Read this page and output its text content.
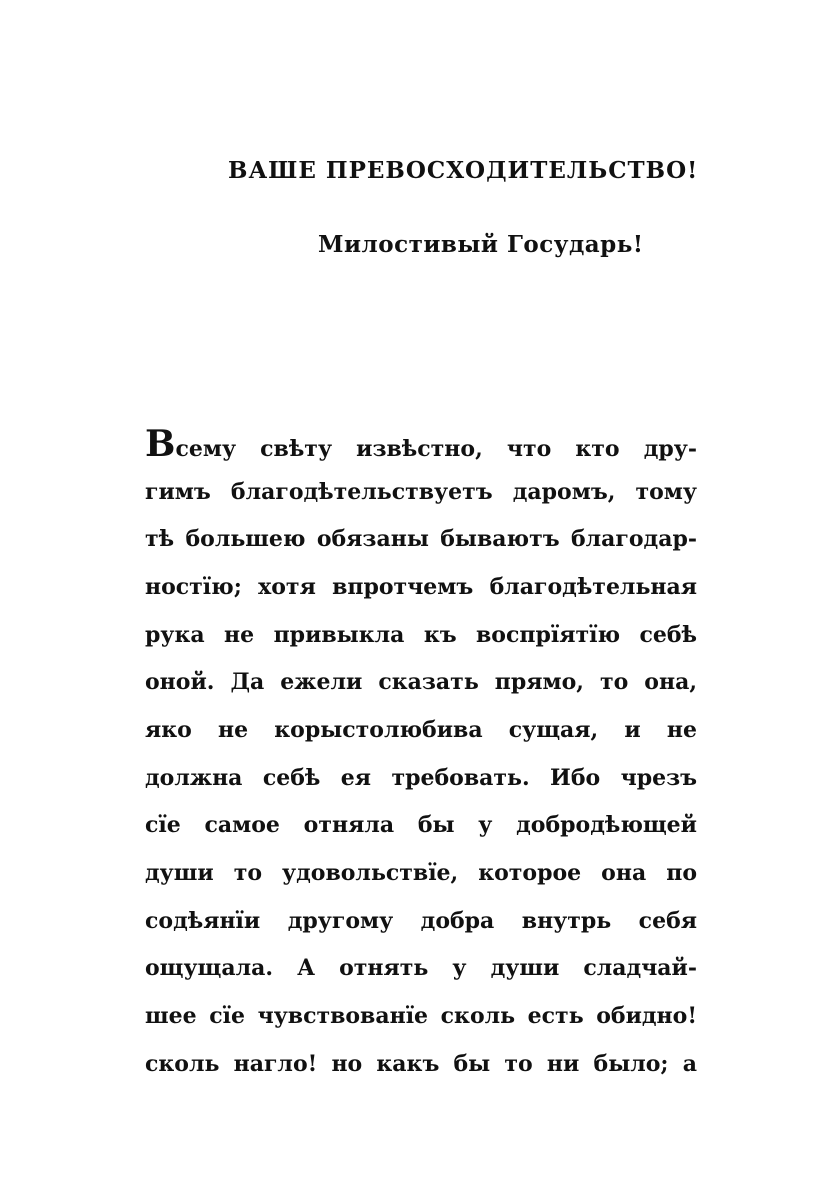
ВАШЕ ПРЕВОСХОДИТЕЛЬСТВО!
Милостивый Государь!
Всему свѣту извѣстно, что кто дру-
гимъ благодѣтельствуетъ даромъ, тому
тѣ большею обязаны бываютъ благодар-
ностїю; хотя впротчемъ благодѣтельная
рука не привыкла къ воспрїятїю себѣ
оной. Да ежели сказать прямо, то она,
яко не корыстолюбива сущая, и не
должна себѣ ея требовать. Ибо чрезъ
сїе самое отняла бы у добродѣющей
души то удовольствїе, которое она по
содѣянїи другому добра внутрь себя
ощущала. А отнять у души сладчай-
шее сїе чувствованїе сколь есть обидно!
сколь нагло! но какъ бы то ни было; а
